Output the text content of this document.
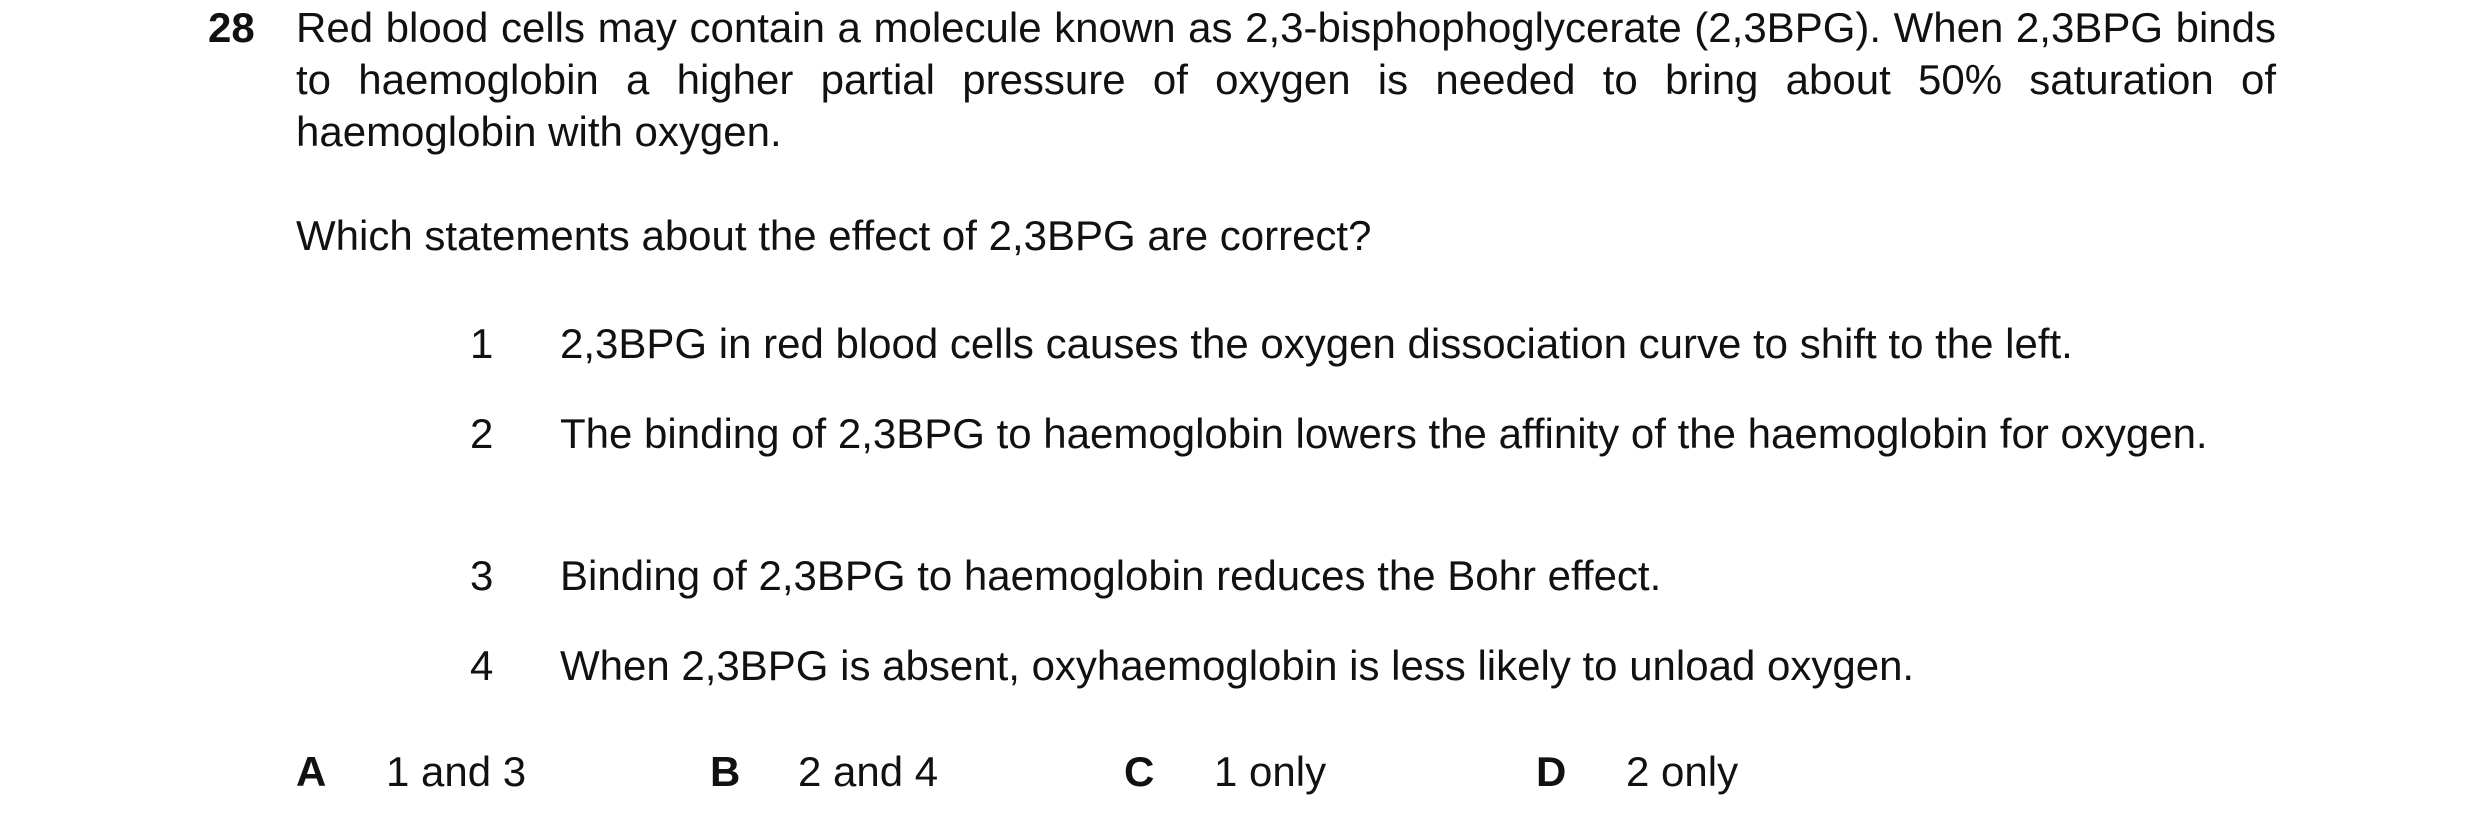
28 Red blood cells may contain a molecule known as 2,3-bisphophoglycerate (2,3BPG). When 2,3BPG binds to haemoglobin a higher partial pressure of oxygen is needed to bring about 50% saturation of haemoglobin with oxygen.
Which statements about the effect of 2,3BPG are correct?
1 2,3BPG in red blood cells causes the oxygen dissociation curve to shift to the left.
2 The binding of 2,3BPG to haemoglobin lowers the affinity of the haemoglobin for oxygen.
3 Binding of 2,3BPG to haemoglobin reduces the Bohr effect.
4 When 2,3BPG is absent, oxyhaemoglobin is less likely to unload oxygen.
A 1 and 3	B 2 and 4	C 1 only	D 2 only
